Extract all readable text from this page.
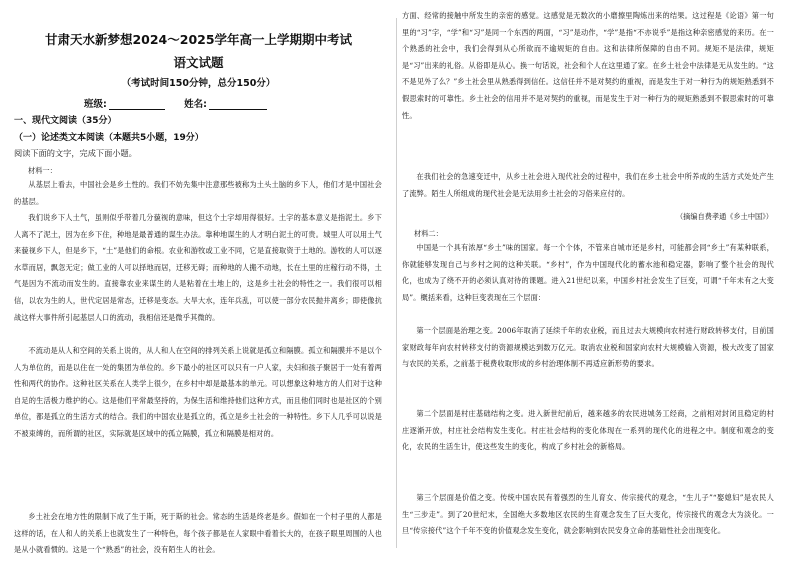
甘肃天水新梦想2024～2025学年高一上学期期中考试
语文试题
（考试时间150分钟，总分150分）
班级:	姓名:
一、现代文阅读（35分）
（一）论述类文本阅读（本题共5小题，19分）
阅读下面的文字，完成下面小题。
材料一：
从基层上看去，中国社会是乡土性的。我们不妨先集中注意那些被称为土头土脑的乡下人，他们才是中国社会的基层。
我们说乡下人土气，虽则似乎带着几分藐视的意味，但这个土字却用得很好。土字的基本意义是指泥土。乡下人离不了泥土，因为在乡下住，种地是最普通的谋生办法。靠种地谋生的人才明白泥土的可贵。城里人可以用土气来藐视乡下人，但是乡下，“土”是他们的命根。农业和游牧或工业不同，它是直接取资于土地的。游牧的人可以逐水草而居，飘忽无定；做工业的人可以择地而居，迁移无碍；而种地的人搬不动地，长在土里的庄稼行动不得，土气是因为不流动而发生的。直接靠农业来谋生的人是粘着在土地上的，这是乡土社会的特性之一。我们很可以相信，以农为生的人，世代定居是常态，迁移是变态。大旱大水，连年兵乱，可以使一部分农民抛井离乡；即使像抗战这样大事件所引起基层人口的流动，我相信还是微乎其微的。
不流动是从人和空间的关系上说的，从人和人在空间的排列关系上说就是孤立和隔膜。孤立和隔膜并不是以个人为单位的，而是以住在一处的集团为单位的。乡下最小的社区可以只有一户人家，夫妇和孩子聚居于一处有着两性和两代的协作。这种社区关系在人类学上很少，在乡村中却是最基本的单元。可以想象这种地方的人们对于这种自足的生活极力维护的心。这是他们平常最坚持的，为保生活和维持他们这种方式，而且他们同时也是社区的个别单位，都是孤立的生活方式的结合。我们的中国农业是孤立的，孤立是乡土社会的一种特性。乡下人几乎可以说是不被束缚的，而所谓的社区，实际就是区域中的孤立隔膜，孤立和隔膜是相对的。
乡土社会在地方性的限制下成了生于斯，死于斯的社会。常态的生活是终老是乡。假如在一个村子里的人都是这样的话，在人和人的关系上也就发生了一种特色，每个孩子都是在人家眼中看着长大的，在孩子眼里周围的人也是从小就看惯的。这是一个“熟悉”的社会，没有陌生人的社会。
方面、经常的接触中所发生的亲密的感觉。这感觉是无数次的小磨擦里陶炼出来的结果。这过程是《论语》第一句里的“习”字，“学”和“习”是同一个东西的两面，“习”是动作，“学”是指“不亦说乎”是指这种亲密感觉的来历。在一个熟悉的社会中，我们会得到从心所欲而不逾规矩的自由。这和法律所保障的自由不同。规矩不是法律，规矩是“习”出来的礼俗。从俗即是从心。换一句话说，社会和个人在这里通了家。在乡土社会中法律是无从发生的。“这不是见外了么？”乡土社会里从熟悉得到信任。这信任并不是对契约的重视，而是发生于对一种行为的规矩熟悉到不假思索时的可靠性。乡土社会的信用并不是对契约的重视，而是发生于对一种行为的规矩熟悉到不假思索时的可靠性。
在我们社会的急速变迁中，从乡土社会进入现代社会的过程中，我们在乡土社会中所养成的生活方式处处产生了流弊。陌生人所组成的现代社会是无法用乡土社会的习俗来应付的。
（摘编自费孝通《乡土中国》）
材料二：
中国是一个具有浓厚“乡土”味的国家。每一个个体，不管来自城市还是乡村，可能都会同“乡土”有某种联系，你就能够发现自己与乡村之间的这种关联。“乡村”，作为中国现代化的蓄水池和稳定器，影响了整个社会的现代化，也成为了绕不开的必须认真对待的课题。进入21世纪以来，中国乡村社会发生了巨变，可谓“千年未有之大变局”。概括来看，这种巨变表现在三个层面：
第一个层面是治理之变。2006年取消了延续千年的农业税，而且过去大规模向农村进行财政转移支付，目前国家财政每年向农村转移支付的资源规模达到数万亿元。取消农业税和国家向农村大规模输入资源，极大改变了国家与农民的关系，之前基于税费收取形成的乡村治理体制不再适应新形势的要求。
第二个层面是村庄基础结构之变。进入新世纪前后，越来越多的农民进城务工经商，之前相对封闭且稳定的村庄逐渐开放，村庄社会结构发生变化。村庄社会结构的变化体现在一系列的现代化的进程之中。制度和观念的变化，农民的生活生计，使这些发生的变化，构成了乡村社会的新格局。
第三个层面是价值之变。传统中国农民有着强烈的生儿育女、传宗接代的观念，“生儿子”“娶媳妇”是农民人生“三步走”。到了20世纪末，全国绝大多数地区农民的生育观念发生了巨大变化，传宗接代的观念大为淡化。一旦“传宗接代”这个千年不变的价值观念发生变化，就会影响到农民安身立命的基础性社会出现变化。
